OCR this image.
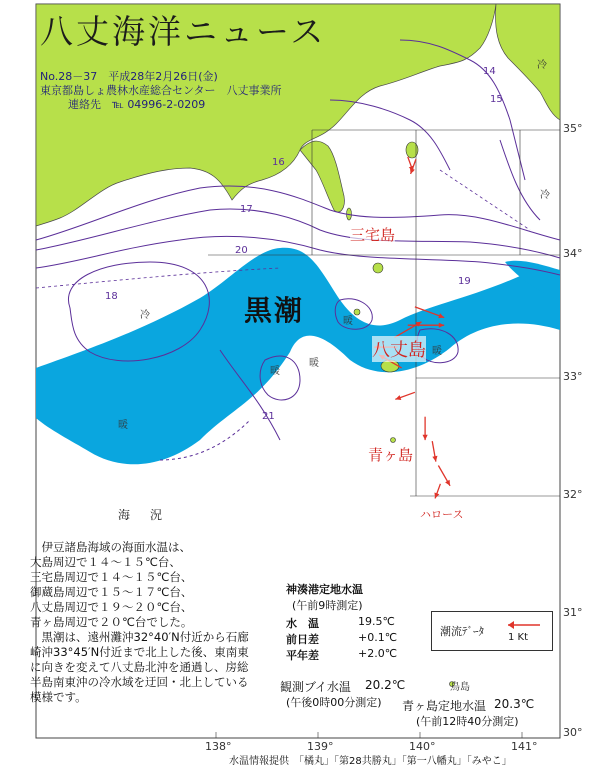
八丈海洋ニュース
No.28－37　平成28年2月26日(金)
東京都島しょ農林水産総合センター　八丈事業所
連絡先　℡ 04996-2-0209
黒潮
三宅島
八丈島
青ヶ島
ハロース
鳥島
冷
冷
冷
暖
暖
暖
暖
暖
14
15
16
17
18
19
20
21
138°	139°	140°	141°
35°
34°
33°
32°
31°
30°
海　況

伊豆諸島海域の海面水温は、

大島周辺で１４～１５℃台、

三宅島周辺で１４～１５℃台、

御蔵島周辺で１５～１７℃台、

八丈島周辺で１９～２０℃台、

青ヶ島周辺で２０℃台でした。

黒潮は、遠州灘沖32°40′N付近から石廊

崎沖33°45′N付近まで北上した後、東南東

に向きを変えて八丈島北沖を通過し、房総

半島南東沖の冷水域を迂回・北上している

模様です。

神湊港定地水温
(午前9時測定)
水　温	19.5℃
前日差	+0.1℃
平年差	+2.0℃
観測ブイ水温 20.2℃
(午後0時00分測定) 青ヶ島定地水温 20.3℃
(午前12時40分測定)
潮流ﾃﾞｰﾀ 1 Kt
水温情報提供　「橘丸」「第28共勝丸」「第一八幡丸」「みやこ」
